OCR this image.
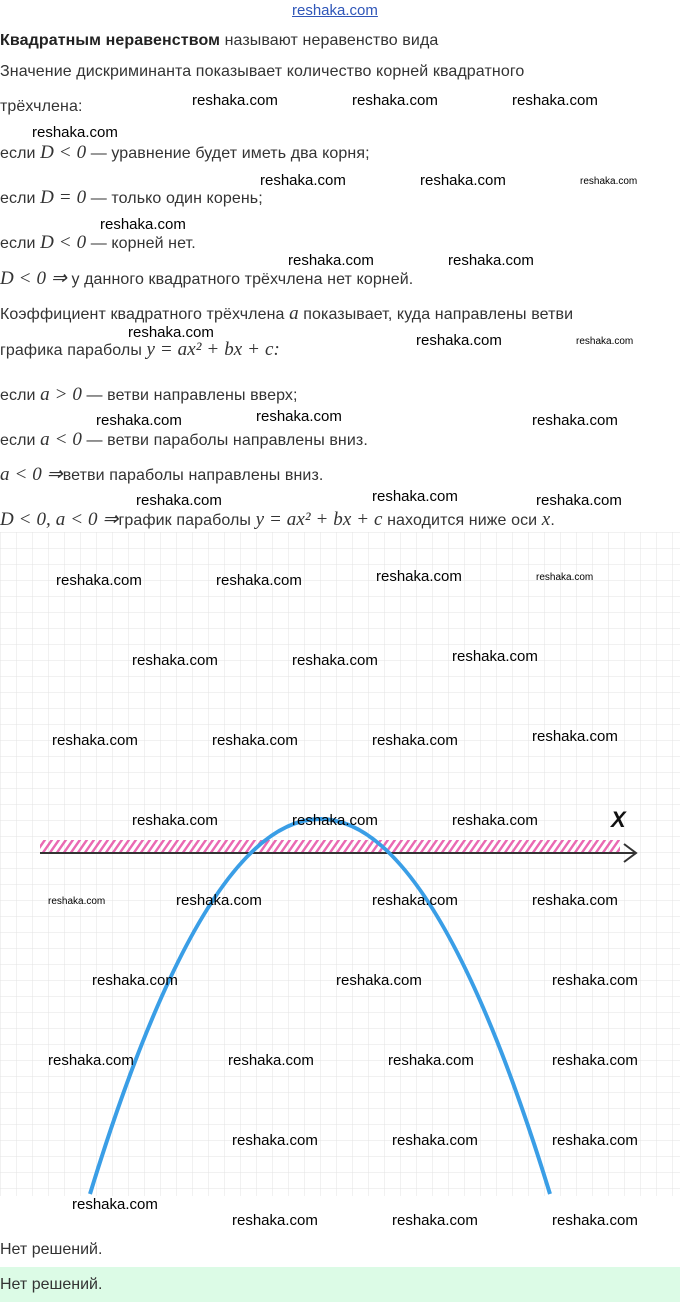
reshaka.com
Квадратным неравенством называют неравенство вида
Значение дискриминанта показывает количество корней квадратного
трёхчлена:
если D < 0 — уравнение будет иметь два корня;
если D = 0 — только один корень;
если D < 0 — корней нет.
D < 0 ⇒ у данного квадратного трёхчлена нет корней.
Коэффициент квадратного трёхчлена a показывает, куда направлены ветви
графика параболы y = ax² + bx + c:
если a > 0 — ветви направлены вверх;
если a < 0 — ветви параболы направлены вниз.
a < 0 ⇒ветви параболы направлены вниз.
D < 0, a < 0 ⇒график параболы y = ax² + bx + c находится ниже оси x.
X
Нет решений.
Нет решений.
reshaka.com	reshaka.com	reshaka.com
reshaka.com
reshaka.com	reshaka.com	reshaka.com
reshaka.com
reshaka.com	reshaka.com
reshaka.com	reshaka.com	reshaka.com
reshaka.com	reshaka.com	reshaka.com
reshaka.com	reshaka.com	reshaka.com
reshaka.com	reshaka.com	reshaka.com	reshaka.com
reshaka.com	reshaka.com	reshaka.com
reshaka.com	reshaka.com	reshaka.com	reshaka.com
reshaka.com	reshaka.com	reshaka.com
reshaka.com	reshaka.com	reshaka.com	reshaka.com
reshaka.com	reshaka.com	reshaka.com
reshaka.com	reshaka.com	reshaka.com	reshaka.com
reshaka.com	reshaka.com	reshaka.com
reshaka.com
reshaka.com	reshaka.com	reshaka.com
